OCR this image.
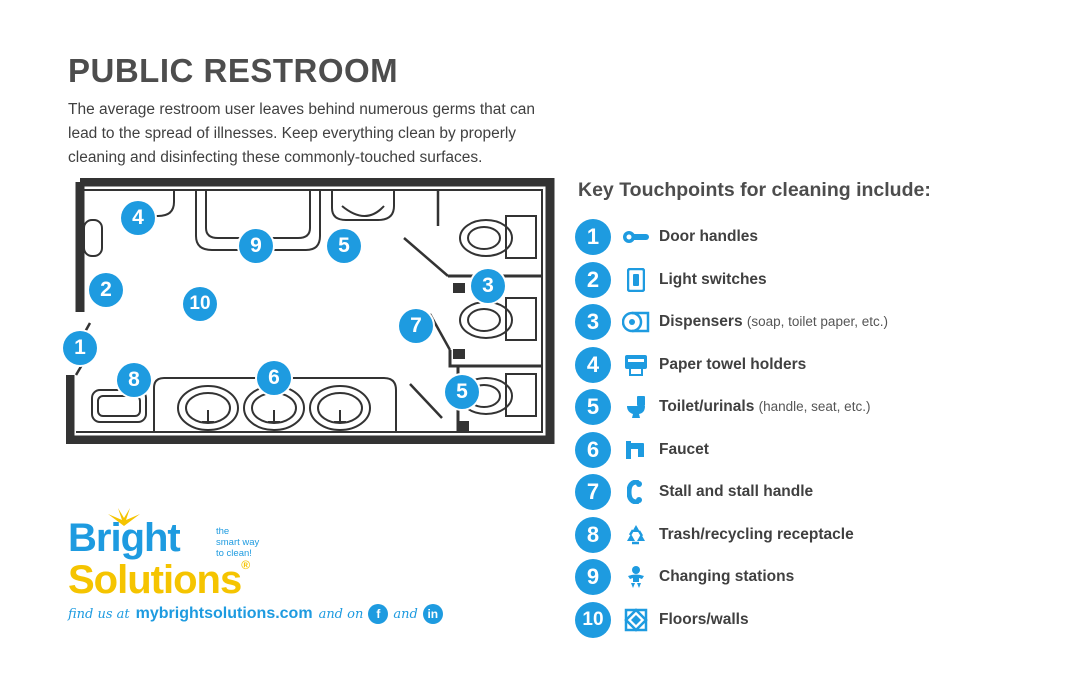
PUBLIC RESTROOM
The average restroom user leaves behind numerous germs that can
lead to the spread of illnesses. Keep everything clean by properly
cleaning and disinfecting these commonly-touched surfaces.
4
9	5
2
10
3
7
1
8	6
5
Key Touchpoints for cleaning include:
1	Door handles
2	Light switches
3	Dispensers (soap, toilet paper, etc.)
4	Paper towel holders
5	Toilet/urinals (handle, seat, etc.)
6	Faucet
7	Stall and stall handle
8	Trash/recycling receptacle
9	Changing stations
10	Floors/walls
Bright	the
smart way
to clean!
Solutions®
find us at mybrightsolutions.com and on	f	and in
